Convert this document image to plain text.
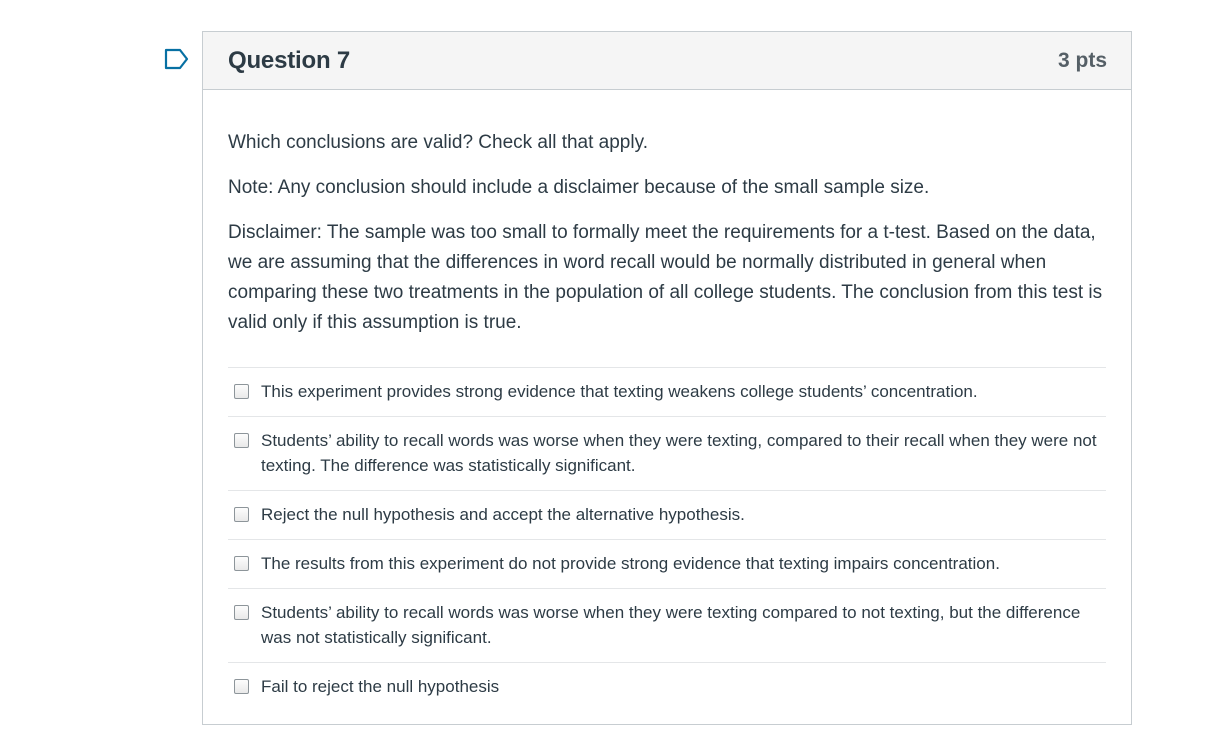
Question 7	3 pts

Which conclusions are valid? Check all that apply.

Note: Any conclusion should include a disclaimer because of the small sample size.

Disclaimer: The sample was too small to formally meet the requirements for a t-test. Based on the data, we are assuming that the differences in word recall would be normally distributed in general when comparing these two treatments in the population of all college students. The conclusion from this test is valid only if this assumption is true.

This experiment provides strong evidence that texting weakens college students’ concentration.
Students’ ability to recall words was worse when they were texting, compared to their recall when they were not texting. The difference was statistically significant.
Reject the null hypothesis and accept the alternative hypothesis.
The results from this experiment do not provide strong evidence that texting impairs concentration.
Students’ ability to recall words was worse when they were texting compared to not texting, but the difference was not statistically significant.
Fail to reject the null hypothesis
